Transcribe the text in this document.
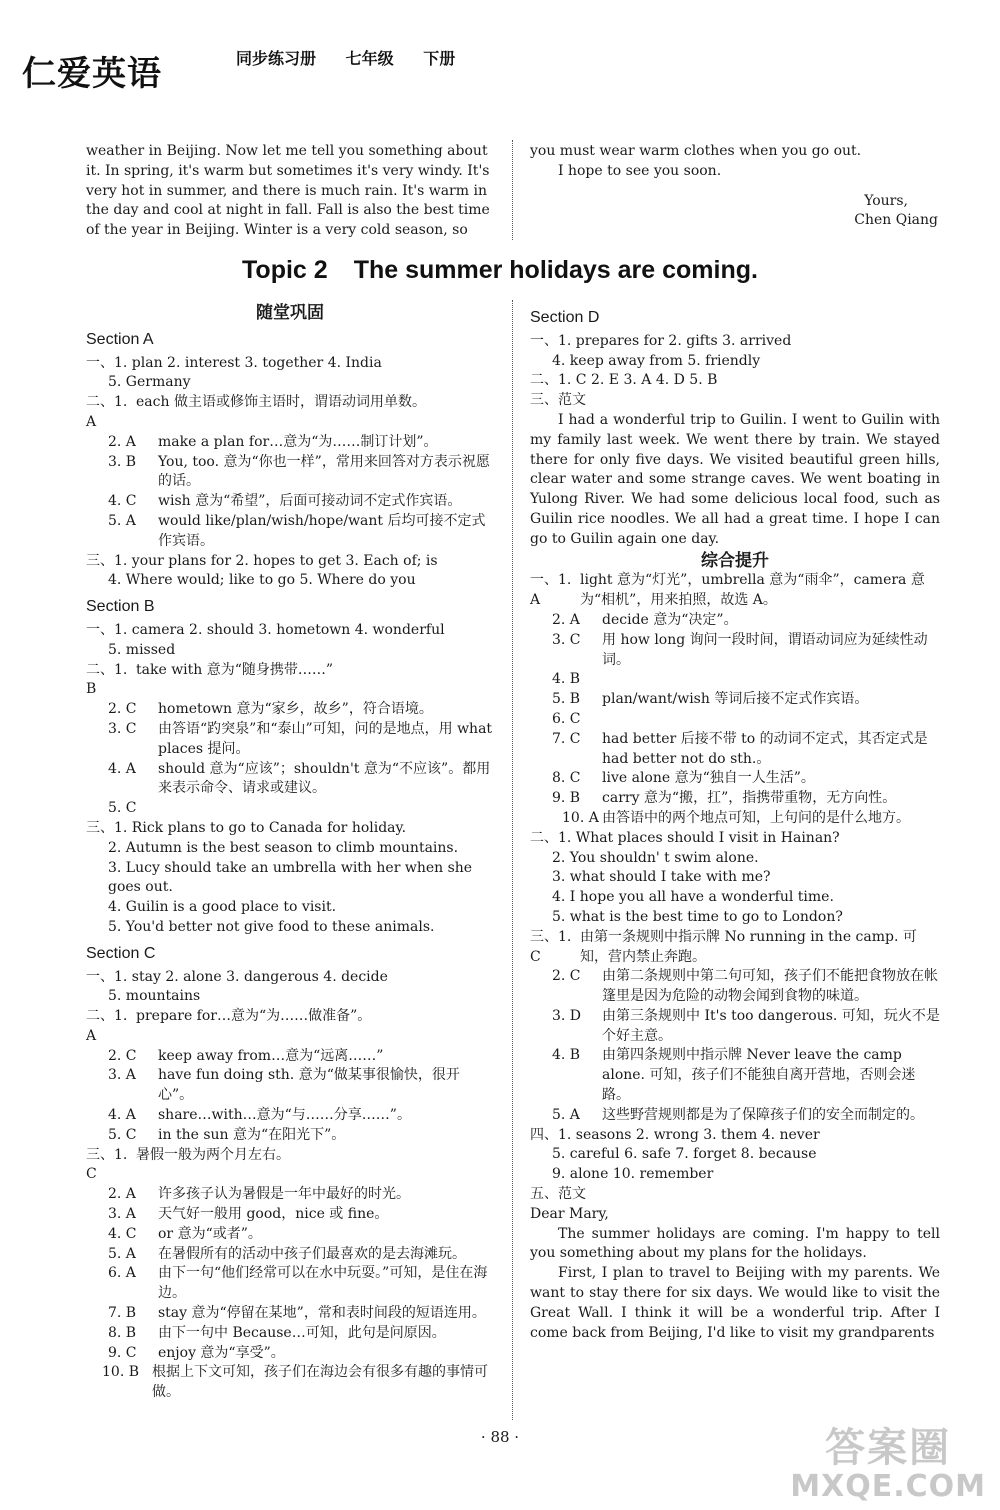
仁爱英语	同步练习册 七年级 下册
weather in Beijing. Now let me tell you something about
it. In spring, it's warm but sometimes it's very windy. It's
very hot in summer, and there is much rain. It's warm in
the day and cool at night in fall. Fall is also the best time
of the year in Beijing. Winter is a very cold season, so
you must wear warm clothes when you go out.
I hope to see you soon.
Yours,
Chen Qiang
Topic 2 The summer holidays are coming.
随堂巩固
Section A
一、1. plan 2. interest 3. together 4. India
5. Germany
二、1. A
each 做主语或修饰主语时，谓语动词用单数。
2. A	make a plan for…意为“为……制订计划”。
3. B	You, too. 意为“你也一样”，常用来回答对方表示祝愿的话。
4. C	wish 意为“希望”，后面可接动词不定式作宾语。
5. A	would like/plan/wish/hope/want 后均可接不定式作宾语。
三、1. your plans for 2. hopes to get 3. Each of; is
4. Where would; like to go 5. Where do you
Section B
一、1. camera 2. should 3. hometown 4. wonderful
5. missed
二、1. B
take with 意为“随身携带……”
2. C	hometown 意为“家乡，故乡”，符合语境。
3. C	由答语“趵突泉”和“泰山”可知，问的是地点，用 what places 提问。
4. A	should 意为“应该”；shouldn't 意为“不应该”。都用来表示命令、请求或建议。
5. C
三、1. Rick plans to go to Canada for holiday.
2. Autumn is the best season to climb mountains.
3. Lucy should take an umbrella with her when she goes out.
4. Guilin is a good place to visit.
5. You'd better not give food to these animals.
Section C
一、1. stay 2. alone 3. dangerous 4. decide
5. mountains
二、1. A
prepare for…意为“为……做准备”。
2. C	keep away from…意为“远离……”
3. A	have fun doing sth. 意为“做某事很愉快，很开心”。
4. A	share…with…意为“与……分享……”。
5. C	in the sun 意为“在阳光下”。
三、1. C
暑假一般为两个月左右。
2. A	许多孩子认为暑假是一年中最好的时光。
3. A	天气好一般用 good，nice 或 fine。
4. C	or 意为“或者”。
5. A	在暑假所有的活动中孩子们最喜欢的是去海滩玩。
6. A	由下一句“他们经常可以在水中玩耍。”可知，是住在海边。
7. B	stay 意为“停留在某地”，常和表时间段的短语连用。
8. B	由下一句中 Because…可知，此句是问原因。
9. C	enjoy 意为“享受”。
10. B 根据上下文可知，孩子们在海边会有很多有趣的事情可做。
Section D
一、1. prepares for 2. gifts 3. arrived
4. keep away from 5. friendly
二、1. C 2. E 3. A 4. D 5. B
三、范文
I had a wonderful trip to Guilin. I went to Guilin with my family last week. We went there by train. We stayed there for only five days. We visited beautiful green hills, clear water and some strange caves. We went boating in Yulong River. We had some delicious local food, such as Guilin rice noodles. We all had a great time. I hope I can go to Guilin again one day.
综合提升
一、1. A
light 意为“灯光”，umbrella 意为“雨伞”，camera 意为“相机”，用来拍照，故选 A。
2. A	decide 意为“决定”。
3. C	用 how long 询问一段时间，谓语动词应为延续性动词。
4. B
5. B	plan/want/wish 等词后接不定式作宾语。
6. C
7. C	had better 后接不带 to 的动词不定式，其否定式是 had better not do sth.。
8. C	live alone 意为“独自一人生活”。
9. B	carry 意为“搬，扛”，指携带重物，无方向性。
10. A 由答语中的两个地点可知，上句问的是什么地方。
二、1. What places should I visit in Hainan?
2. You shouldn' t swim alone.
3. what should I take with me?
4. I hope you all have a wonderful time.
5. what is the best time to go to London?
三、1. C
由第一条规则中指示牌 No running in the camp. 可知，营内禁止奔跑。
2. C	由第二条规则中第二句可知，孩子们不能把食物放在帐篷里是因为危险的动物会闻到食物的味道。
3. D	由第三条规则中 It's too dangerous. 可知，玩火不是个好主意。
4. B	由第四条规则中指示牌 Never leave the camp alone. 可知，孩子们不能独自离开营地，否则会迷路。
5. A	这些野营规则都是为了保障孩子们的安全而制定的。
四、1. seasons 2. wrong 3. them 4. never
5. careful 6. safe 7. forget 8. because
9. alone 10. remember
五、范文
Dear Mary,
The summer holidays are coming. I'm happy to tell you something about my plans for the holidays.
First, I plan to travel to Beijing with my parents. We want to stay there for six days. We would like to visit the Great Wall. I think it will be a wonderful trip. After I come back from Beijing, I'd like to visit my grandparents
· 88 ·	答案圈
MXQE.COM
